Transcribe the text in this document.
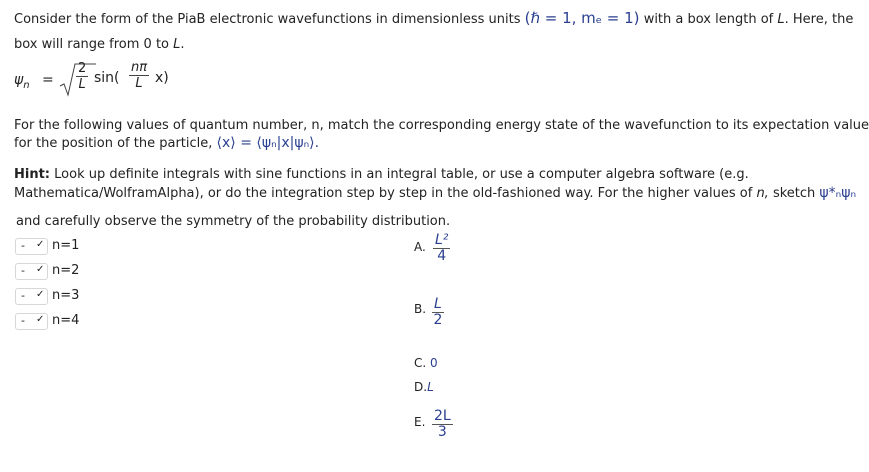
Consider the form of the PiaB electronic wavefunctions in dimensionless units (ℏ = 1, mₑ = 1) with a box length of L. Here, the
box will range from 0 to L.
$\psi_n = \frac{2}{L} \sin( \frac{n\pi}{L} x)$
For the following values of quantum number, n, match the corresponding energy state of the wavefunction to its expectation value
for the position of the particle, ⟨x⟩ = ⟨ψₙ|x|ψₙ⟩.
Hint: Look up definite integrals with sine functions in an integral table, or use a computer algebra software (e.g.
Mathematica/WolframAlpha), or do the integration step by step in the old-fashioned way. For the higher values of n, sketch ψ*ₙψₙ
and carefully observe the symmetry of the probability distribution.
- ✓ n=1
- ✓ n=2
- ✓ n=3
- ✓ n=4
A. $\frac{\text{L²}}{4}$
B. $\frac{L}{2}$
C. 0
D.L
E. $\frac{2L}{3}$
